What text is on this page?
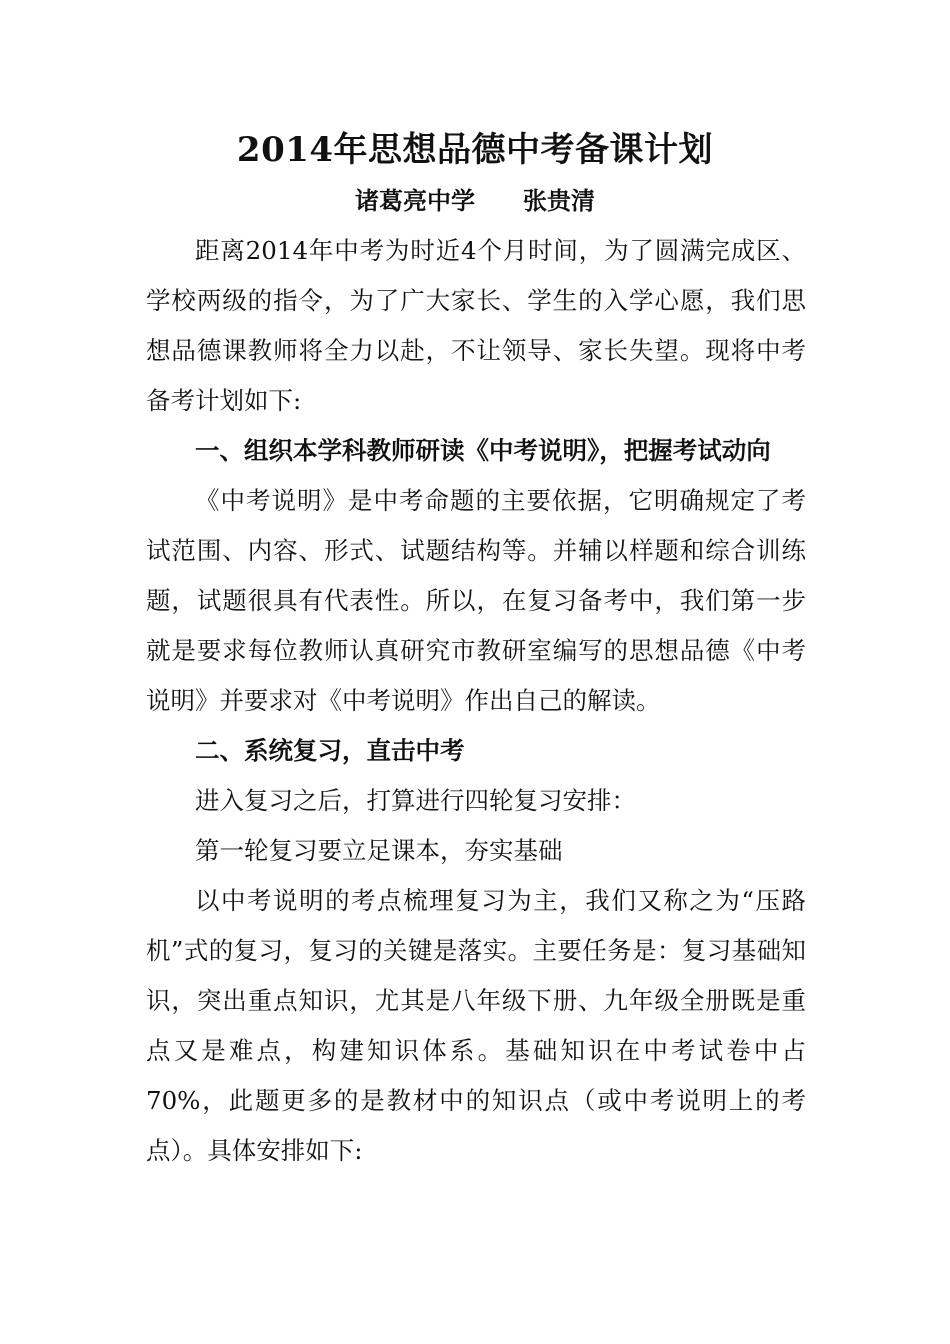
2014年思想品德中考备课计划
诸葛亮中学　　张贵清

距离2014年中考为时近4个月时间，为了圆满完成区、学校两级的指令，为了广大家长、学生的入学心愿，我们思想品德课教师将全力以赴，不让领导、家长失望。现将中考备考计划如下:

一、组织本学科教师研读《中考说明》，把握考试动向

《中考说明》是中考命题的主要依据，它明确规定了考试范围、内容、形式、试题结构等。并辅以样题和综合训练题，试题很具有代表性。所以，在复习备考中，我们第一步就是要求每位教师认真研究市教研室编写的思想品德《中考说明》并要求对《中考说明》作出自己的解读。

二、系统复习，直击中考

进入复习之后，打算进行四轮复习安排：

第一轮复习要立足课本，夯实基础

以中考说明的考点梳理复习为主，我们又称之为“压路机”式的复习，复习的关键是落实。主要任务是：复习基础知识，突出重点知识，尤其是八年级下册、九年级全册既是重点又是难点，构建知识体系。基础知识在中考试卷中占70%，此题更多的是教材中的知识点（或中考说明上的考点）。具体安排如下:
